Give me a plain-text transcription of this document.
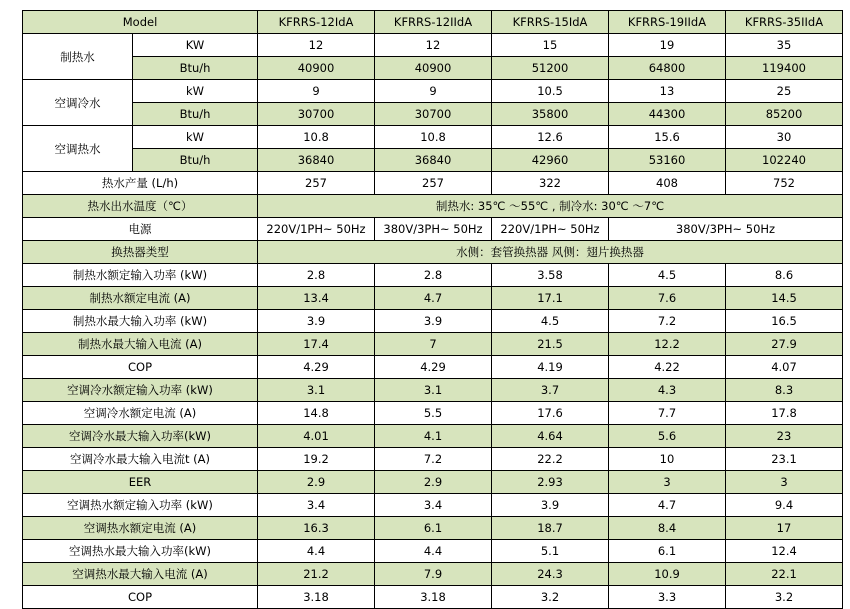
Model		KFRRS-12IdA	KFRRS-12IIdA	KFRRS-15IdA	KFRRS-19IIdA	KFRRS-35IIdA
制热水	KW	12	12	15	19	35
	Btu/h	40900	40900	51200	64800	119400
空调冷水	kW	9	9	10.5	13	25
	Btu/h	30700	30700	35800	44300	85200
空调热水	kW	10.8	10.8	12.6	15.6	30
	Btu/h	36840	36840	42960	53160	102240
热水产量 (L/h)		257	257	322	408	752
热水出水温度（℃）		制热水: 35℃ ～55℃ , 制冷水: 30℃ ～7℃				
电源		220V/1PH~ 50Hz	380V/3PH~ 50Hz	220V/1PH~ 50Hz	380V/3PH~ 50Hz	
换热器类型		水侧：套管换热器 风侧：翅片换热器				
制热水额定输入功率 (kW)		2.8	2.8	3.58	4.5	8.6
制热水额定电流 (A)		13.4	4.7	17.1	7.6	14.5
制热水最大输入功率 (kW)		3.9	3.9	4.5	7.2	16.5
制热水最大输入电流 (A)		17.4	7	21.5	12.2	27.9
COP		4.29	4.29	4.19	4.22	4.07
空调冷水额定输入功率 (kW)		3.1	3.1	3.7	4.3	8.3
空调冷水额定电流 (A)		14.8	5.5	17.6	7.7	17.8
空调冷水最大输入功率(kW)		4.01	4.1	4.64	5.6	23
空调冷水最大输入电流t (A)		19.2	7.2	22.2	10	23.1
EER		2.9	2.9	2.93	3	3
空调热水额定输入功率 (kW)		3.4	3.4	3.9	4.7	9.4
空调热水额定电流 (A)		16.3	6.1	18.7	8.4	17
空调热水最大输入功率(kW)		4.4	4.4	5.1	6.1	12.4
空调热水最大输入电流 (A)		21.2	7.9	24.3	10.9	22.1
COP		3.18	3.18	3.2	3.3	3.2
